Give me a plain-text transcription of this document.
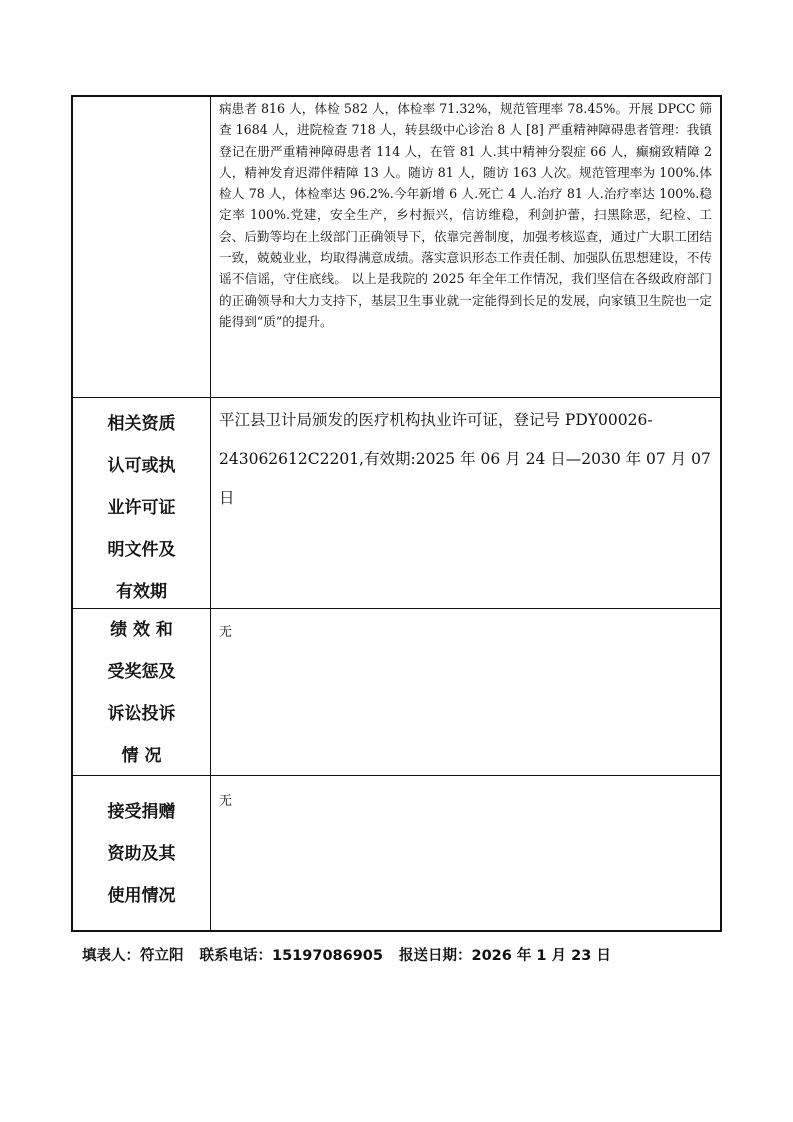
病患者 816 人，体检 582 人，体检率 71.32%，规范管理率 78.45%。开展 DPCC 筛查 1684 人，进院检查 718 人，转县级中心诊治 8 人 [8] 严重精神障碍患者管理：我镇登记在册严重精神障碍患者 114 人，在管 81 人.其中精神分裂症 66 人，癫痫致精障 2 人，精神发育迟滞伴精障 13 人。随访 81 人，随访 163 人次。规范管理率为 100%.体检人 78 人，体检率达 96.2%.今年新增 6 人.死亡 4 人.治疗 81 人.治疗率达 100%.稳定率 100%.党建，安全生产，乡村振兴，信访维稳，利剑护蕾，扫黑除恶，纪检、工会、后勤等均在上级部门正确领导下，依靠完善制度，加强考核巡查，通过广大职工团结一致，兢兢业业，均取得满意成绩。落实意识形态工作责任制、加强队伍思想建设，不传谣不信谣，守住底线。 以上是我院的 2025 年全年工作情况，我们坚信在各级政府部门的正确领导和大力支持下，基层卫生事业就一定能得到长足的发展，向家镇卫生院也一定能得到“质”的提升。

相关资质
认可或执
业许可证
明文件及
有效期

平江县卫计局颁发的医疗机构执业许可证，登记号 PDY00026-243062612C2201,有效期:2025 年 06 月 24 日—2030 年 07 月 07 日

绩 效 和
受奖惩及
诉讼投诉
情 况

无

接受捐赠
资助及其
使用情况

无

填表人：符立阳 联系电话：15197086905 报送日期：2026 年 1 月 23 日
